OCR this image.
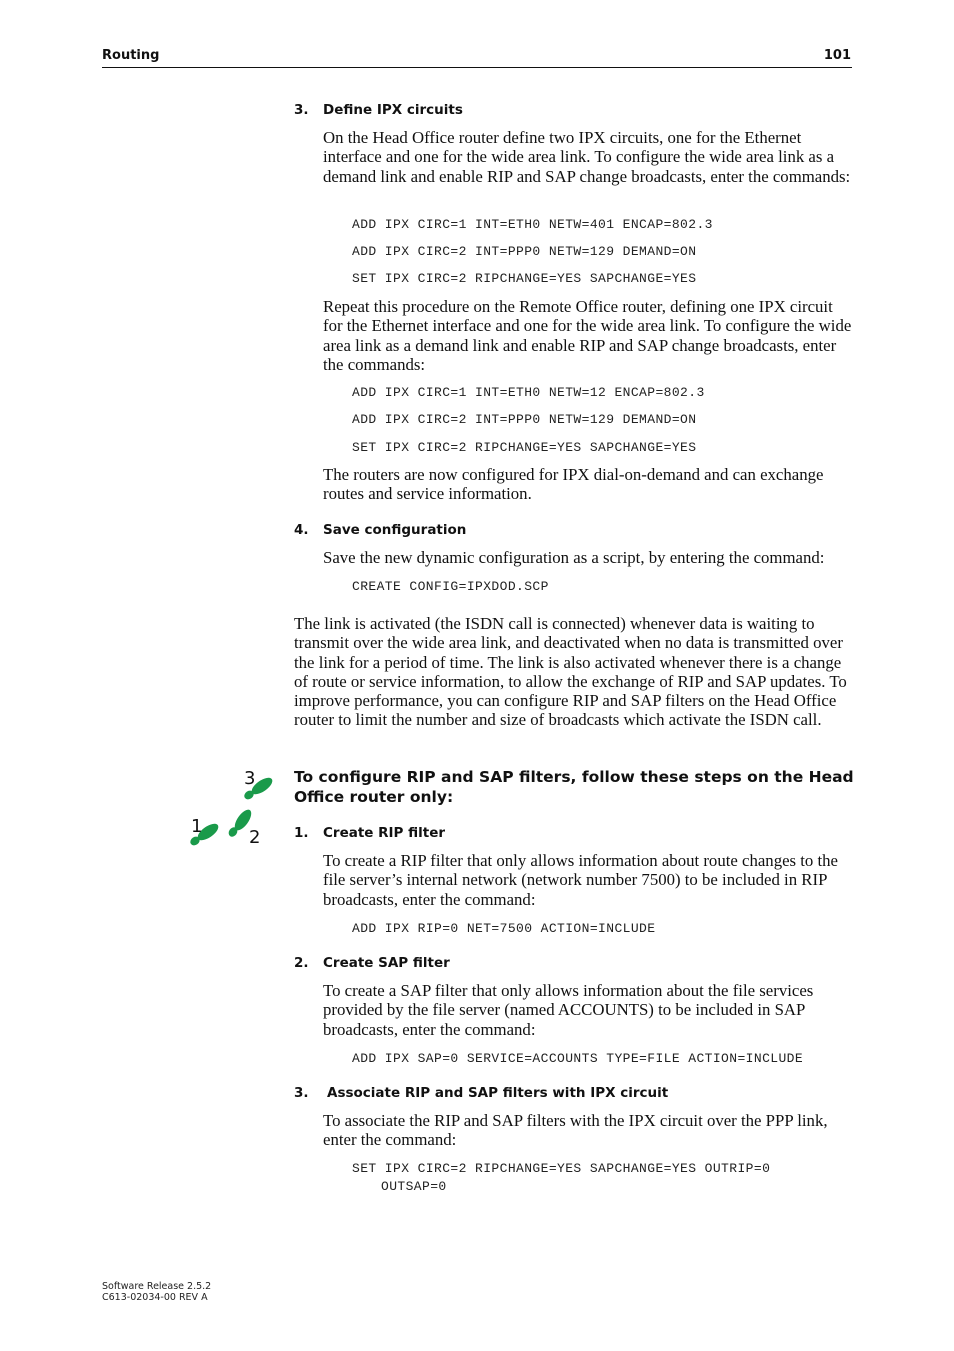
Routing	101
3. Define IPX circuits
On the Head Office router define two IPX circuits, one for the Ethernet interface and one for the wide area link. To configure the wide area link as a demand link and enable RIP and SAP change broadcasts, enter the commands:
ADD IPX CIRC=1 INT=ETH0 NETW=401 ENCAP=802.3
ADD IPX CIRC=2 INT=PPP0 NETW=129 DEMAND=ON
SET IPX CIRC=2 RIPCHANGE=YES SAPCHANGE=YES
Repeat this procedure on the Remote Office router, defining one IPX circuit for the Ethernet interface and one for the wide area link. To configure the wide area link as a demand link and enable RIP and SAP change broadcasts, enter the commands:
ADD IPX CIRC=1 INT=ETH0 NETW=12 ENCAP=802.3
ADD IPX CIRC=2 INT=PPP0 NETW=129 DEMAND=ON
SET IPX CIRC=2 RIPCHANGE=YES SAPCHANGE=YES
The routers are now configured for IPX dial-on-demand and can exchange routes and service information.
4. Save configuration
Save the new dynamic configuration as a script, by entering the command:
CREATE CONFIG=IPXDOD.SCP
The link is activated (the ISDN call is connected) whenever data is waiting to transmit over the wide area link, and deactivated when no data is transmitted over the link for a period of time. The link is also activated whenever there is a change of route or service information, to allow the exchange of RIP and SAP updates. To improve performance, you can configure RIP and SAP filters on the Head Office router to limit the number and size of broadcasts which activate the ISDN call.
1
2
3 To configure RIP and SAP filters, follow these steps on the Head Office router only:
1. Create RIP filter
To create a RIP filter that only allows information about route changes to the file server’s internal network (network number 7500) to be included in RIP broadcasts, enter the command:
ADD IPX RIP=0 NET=7500 ACTION=INCLUDE
2. Create SAP filter
To create a SAP filter that only allows information about the file services provided by the file server (named ACCOUNTS) to be included in SAP broadcasts, enter the command:
ADD IPX SAP=0 SERVICE=ACCOUNTS TYPE=FILE ACTION=INCLUDE
3. Associate RIP and SAP filters with IPX circuit
To associate the RIP and SAP filters with the IPX circuit over the PPP link, enter the command:
SET IPX CIRC=2 RIPCHANGE=YES SAPCHANGE=YES OUTRIP=0
OUTSAP=0
Software Release 2.5.2
C613-02034-00 REV A
